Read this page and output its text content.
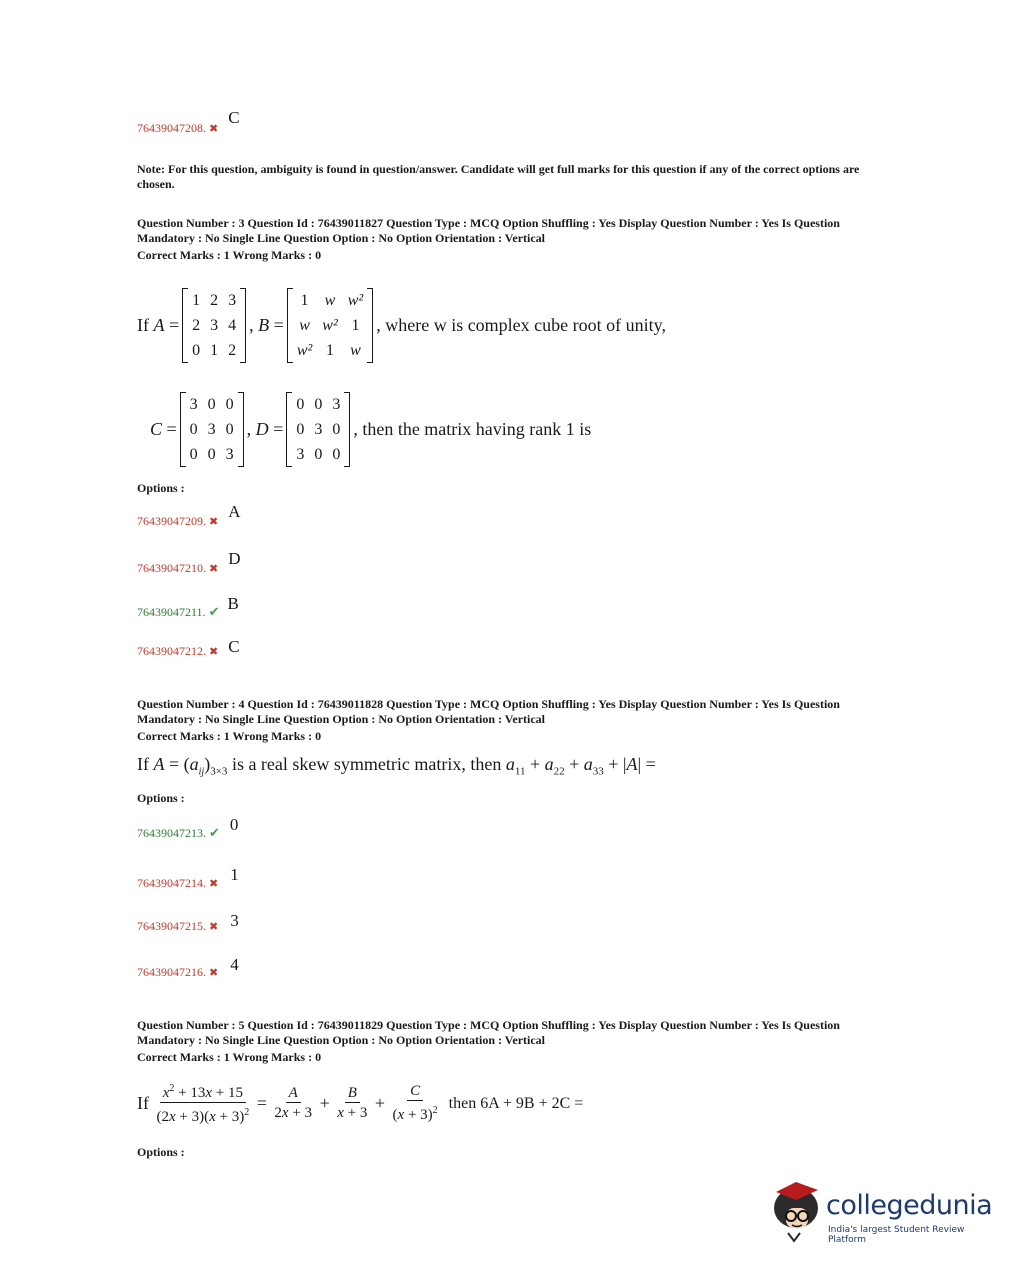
76439047208. ✖ C
Note: For this question, ambiguity is found in question/answer. Candidate will get full marks for this question if any of the correct options are chosen.
Question Number : 3 Question Id : 76439011827 Question Type : MCQ Option Shuffling : Yes Display Question Number : Yes Is Question Mandatory : No Single Line Question Option : No Option Orientation : Vertical
Correct Marks : 1 Wrong Marks : 0
If A =
1 2 3
2 3 4
0 1 2
, B =
1	w w²
w w² 1
w² 1	w
, where w is complex cube root of unity,
C =
3 0 0
0 3 0
0 0 3
, D =
0 0 3
0 3 0
3 0 0
, then the matrix having rank 1 is
Options :
76439047209. ✖ A
76439047210. ✖ D
76439047211. ✔ B
76439047212. ✖ C
Question Number : 4 Question Id : 76439011828 Question Type : MCQ Option Shuffling : Yes Display Question Number : Yes Is Question Mandatory : No Single Line Question Option : No Option Orientation : Vertical
Correct Marks : 1 Wrong Marks : 0
If $A = (a_{ij})_{3\times 3}$ is a real skew symmetric matrix, then $a_{11} + a_{22} + a_{33} + |A|$ =
Options :
76439047213. ✔ 0
76439047214. ✖ 1
76439047215. ✖ 3
76439047216. ✖ 4
Question Number : 5 Question Id : 76439011829 Question Type : MCQ Option Shuffling : Yes Display Question Number : Yes Is Question Mandatory : No Single Line Question Option : No Option Orientation : Vertical
Correct Marks : 1 Wrong Marks : 0
If $\frac{x^2 + 13x + 15}{(2x + 3)(x + 3)^2} = \frac{A}{2x + 3} + \frac{B}{x + 3} + \frac{C}{(x + 3)^2}$ then 6A + 9B + 2C =
Options :
collegedunia
India's largest Student Review Platform
